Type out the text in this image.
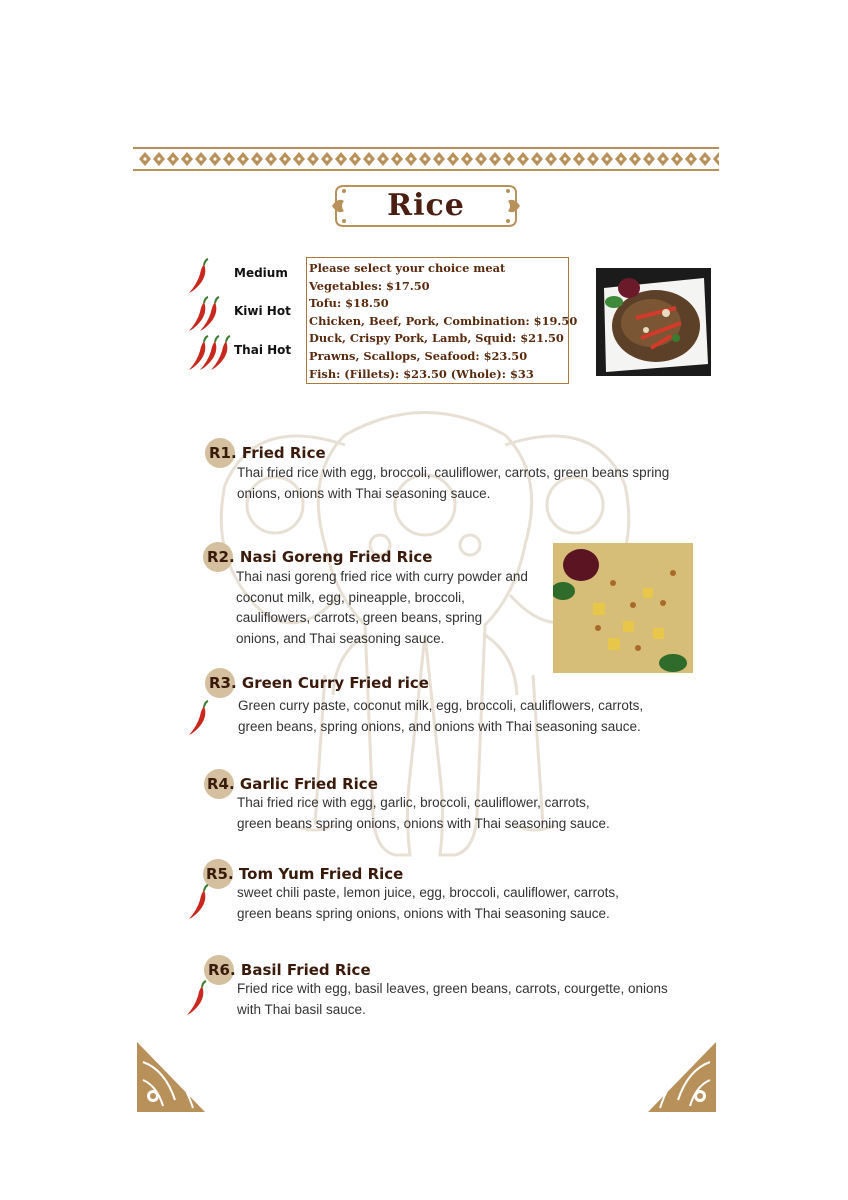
Rice
Medium
Kiwi Hot
Thai Hot
Please select your choice meat
Vegetables: $17.50
Tofu: $18.50
Chicken, Beef, Pork, Combination: $19.50
Duck, Crispy Pork, Lamb, Squid: $21.50
Prawns, Scallops, Seafood: $23.50
Fish: (Fillets): $23.50 (Whole): $33
R1. Fried Rice
Thai fried rice with egg, broccoli, cauliflower, carrots, green beans spring
onions, onions with Thai seasoning sauce.
R2. Nasi Goreng Fried Rice
Thai nasi goreng fried rice with curry powder and
coconut milk, egg, pineapple, broccoli,
cauliflowers, carrots, green beans, spring
onions, and Thai seasoning sauce.
R3. Green Curry Fried rice
Green curry paste, coconut milk, egg, broccoli, cauliflowers, carrots,
green beans, spring onions, and onions with Thai seasoning sauce.
R4. Garlic Fried Rice
Thai fried rice with egg, garlic, broccoli, cauliflower, carrots,
green beans spring onions, onions with Thai seasoning sauce.
R5. Tom Yum Fried Rice
sweet chili paste, lemon juice, egg, broccoli, cauliflower, carrots,
green beans spring onions, onions with Thai seasoning sauce.
R6. Basil Fried Rice
Fried rice with egg, basil leaves, green beans, carrots, courgette, onions
with Thai basil sauce.
